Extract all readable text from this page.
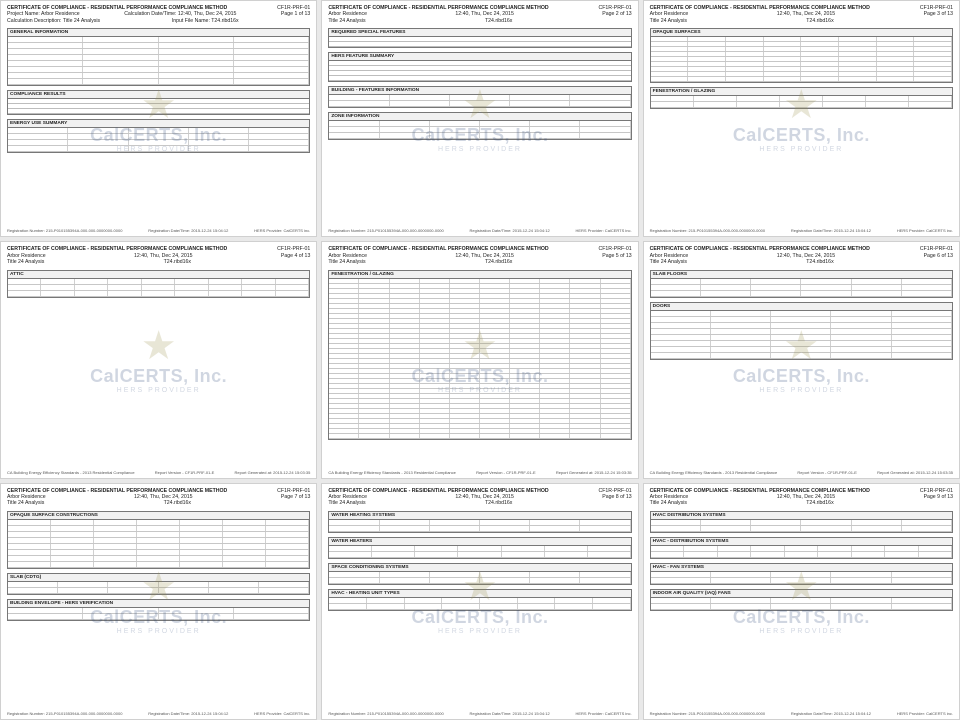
CERTIFICATE OF COMPLIANCE - RESIDENTIAL PERFORMANCE COMPLIANCE METHOD	CF1R-PRF-01
Project Name: Arbor Residence	Calculation Date/Time: 12:40, Thu, Dec 24, 2015	Page 1 of 13
Calculation Description: Title 24 Analysis	Input File Name: T24.ribd16x
GENERAL INFORMATION
COMPLIANCE RESULTS
ENERGY USE SUMMARY	★
CalCERTS, Inc.
HERS PROVIDER
Registration Number: 215-P010155394A-000-000-0000000-0000	Registration Date/Time: 2015-12-24 15:04:12	HERS Provider: CalCERTS inc.
CERTIFICATE OF COMPLIANCE - RESIDENTIAL PERFORMANCE COMPLIANCE METHOD	CF1R-PRF-01
Arbor Residence	12:40, Thu, Dec 24, 2015	Page 2 of 13
Title 24 Analysis	T24.ribd16x
REQUIRED SPECIAL FEATURES
HERS FEATURE SUMMARY
BUILDING - FEATURES INFORMATION
ZONE INFORMATION	★
CalCERTS, Inc.
HERS PROVIDER
Registration Number: 215-P010155394A-000-000-0000000-0000	Registration Date/Time: 2015-12-24 15:04:12	HERS Provider: CalCERTS inc.
CERTIFICATE OF COMPLIANCE - RESIDENTIAL PERFORMANCE COMPLIANCE METHOD	CF1R-PRF-01
Arbor Residence	12:40, Thu, Dec 24, 2015	Page 3 of 13
Title 24 Analysis	T24.ribd16x
OPAQUE SURFACES
FENESTRATION / GLAZING	★
CalCERTS, Inc.
HERS PROVIDER
Registration Number: 215-P010155394A-000-000-0000000-0000	Registration Date/Time: 2015-12-24 15:04:12	HERS Provider: CalCERTS inc.
CERTIFICATE OF COMPLIANCE - RESIDENTIAL PERFORMANCE COMPLIANCE METHOD	CF1R-PRF-01
Arbor Residence	12:40, Thu, Dec 24, 2015	Page 4 of 13
Title 24 Analysis	T24.ribd16x
ATTIC
★
CalCERTS, Inc.
HERS PROVIDER
CA Building Energy Efficiency Standards - 2013 Residential Compliance	Report Version - CF1R-PRF-01-E	Report Generated at: 2015-12-24 15:03:35
CERTIFICATE OF COMPLIANCE - RESIDENTIAL PERFORMANCE COMPLIANCE METHOD	CF1R-PRF-01
Arbor Residence	12:40, Thu, Dec 24, 2015	Page 5 of 13
Title 24 Analysis	T24.ribd16x
FENESTRATION / GLAZING
★
CalCERTS, Inc.
HERS PROVIDER
CA Building Energy Efficiency Standards - 2013 Residential Compliance	Report Version - CF1R-PRF-01-E	Report Generated at: 2015-12-24 15:03:35
CERTIFICATE OF COMPLIANCE - RESIDENTIAL PERFORMANCE COMPLIANCE METHOD	CF1R-PRF-01
Arbor Residence	12:40, Thu, Dec 24, 2015	Page 6 of 13
Title 24 Analysis	T24.ribd16x
SLAB FLOORS
DOORS
★
CalCERTS, Inc.
HERS PROVIDER
CA Building Energy Efficiency Standards - 2013 Residential Compliance	Report Version - CF1R-PRF-01-E	Report Generated at: 2015-12-24 15:03:35
CERTIFICATE OF COMPLIANCE - RESIDENTIAL PERFORMANCE COMPLIANCE METHOD	CF1R-PRF-01
Arbor Residence	12:40, Thu, Dec 24, 2015	Page 7 of 13
Title 24 Analysis	T24.ribd16x
OPAQUE SURFACE CONSTRUCTIONS
SLAB (CDTG)
BUILDING ENVELOPE - HERS VERIFICATION ★
CalCERTS, Inc.
HERS PROVIDER
Registration Number: 215-P010155394A-000-000-0000000-0000	Registration Date/Time: 2015-12-24 15:04:12	HERS Provider: CalCERTS inc.
CERTIFICATE OF COMPLIANCE - RESIDENTIAL PERFORMANCE COMPLIANCE METHOD	CF1R-PRF-01
Arbor Residence	12:40, Thu, Dec 24, 2015	Page 8 of 13
Title 24 Analysis	T24.ribd16x
WATER HEATING SYSTEMS
WATER HEATERS
SPACE CONDITIONING SYSTEMS
HVAC - HEATING UNIT TYPES	★
CalCERTS, Inc.
HERS PROVIDER
Registration Number: 215-P010155394A-000-000-0000000-0000	Registration Date/Time: 2015-12-24 15:04:12	HERS Provider: CalCERTS inc.
CERTIFICATE OF COMPLIANCE - RESIDENTIAL PERFORMANCE COMPLIANCE METHOD	CF1R-PRF-01
Arbor Residence	12:40, Thu, Dec 24, 2015	Page 9 of 13
Title 24 Analysis	T24.ribd16x
HVAC DISTRIBUTION SYSTEMS
HVAC - DISTRIBUTION SYSTEMS
HVAC - FAN SYSTEMS
INDOOR AIR QUALITY (IAQ) FANS	★
CalCERTS, Inc.
HERS PROVIDER
Registration Number: 215-P010155394A-000-000-0000000-0000	Registration Date/Time: 2015-12-24 15:04:12	HERS Provider: CalCERTS inc.
